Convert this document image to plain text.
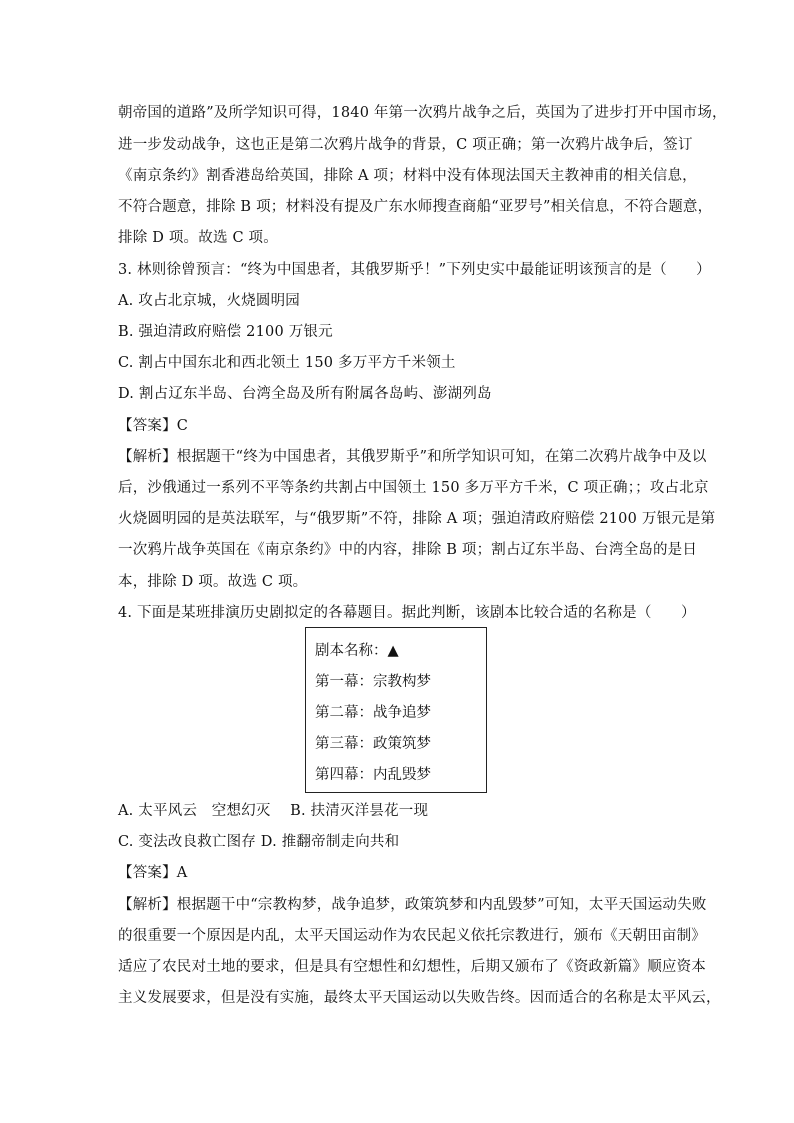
朝帝国的道路”及所学知识可得，1840 年第一次鸦片战争之后，英国为了进步打开中国市场，
进一步发动战争，这也正是第二次鸦片战争的背景，C 项正确；第一次鸦片战争后，签订
《南京条约》割香港岛给英国，排除 A 项；材料中没有体现法国天主教神甫的相关信息，
不符合题意，排除 B 项；材料没有提及广东水师搜查商船“亚罗号”相关信息，不符合题意，
排除 D 项。故选 C 项。
3. 林则徐曾预言：“终为中国患者，其俄罗斯乎！”下列史实中最能证明该预言的是（　　）
A. 攻占北京城，火烧圆明园
B. 强迫清政府赔偿 2100 万银元
C. 割占中国东北和西北领土 150 多万平方千米领土
D. 割占辽东半岛、台湾全岛及所有附属各岛屿、澎湖列岛
【答案】C
【解析】根据题干“终为中国患者，其俄罗斯乎”和所学知识可知，在第二次鸦片战争中及以
后，沙俄通过一系列不平等条约共割占中国领土 150 多万平方千米，C 项正确；；攻占北京
火烧圆明园的是英法联军，与“俄罗斯”不符，排除 A 项；强迫清政府赔偿 2100 万银元是第
一次鸦片战争英国在《南京条约》中的内容，排除 B 项；割占辽东半岛、台湾全岛的是日
本，排除 D 项。故选 C 项。
4. 下面是某班排演历史剧拟定的各幕题目。据此判断，该剧本比较合适的名称是（　　）
剧本名称：▲
第一幕：宗教构梦
第二幕：战争追梦
第三幕：政策筑梦
第四幕：内乱毁梦
A. 太平风云　空想幻灭　 B. 扶清灭洋昙花一现
C. 变法改良救亡图存 D. 推翻帝制走向共和
【答案】A
【解析】根据题干中“宗教构梦，战争追梦，政策筑梦和内乱毁梦”可知，太平天国运动失败
的很重要一个原因是内乱，太平天国运动作为农民起义依托宗教进行，颁布《天朝田亩制》
适应了农民对土地的要求，但是具有空想性和幻想性，后期又颁布了《资政新篇》顺应资本
主义发展要求，但是没有实施，最终太平天国运动以失败告终。因而适合的名称是太平风云，
